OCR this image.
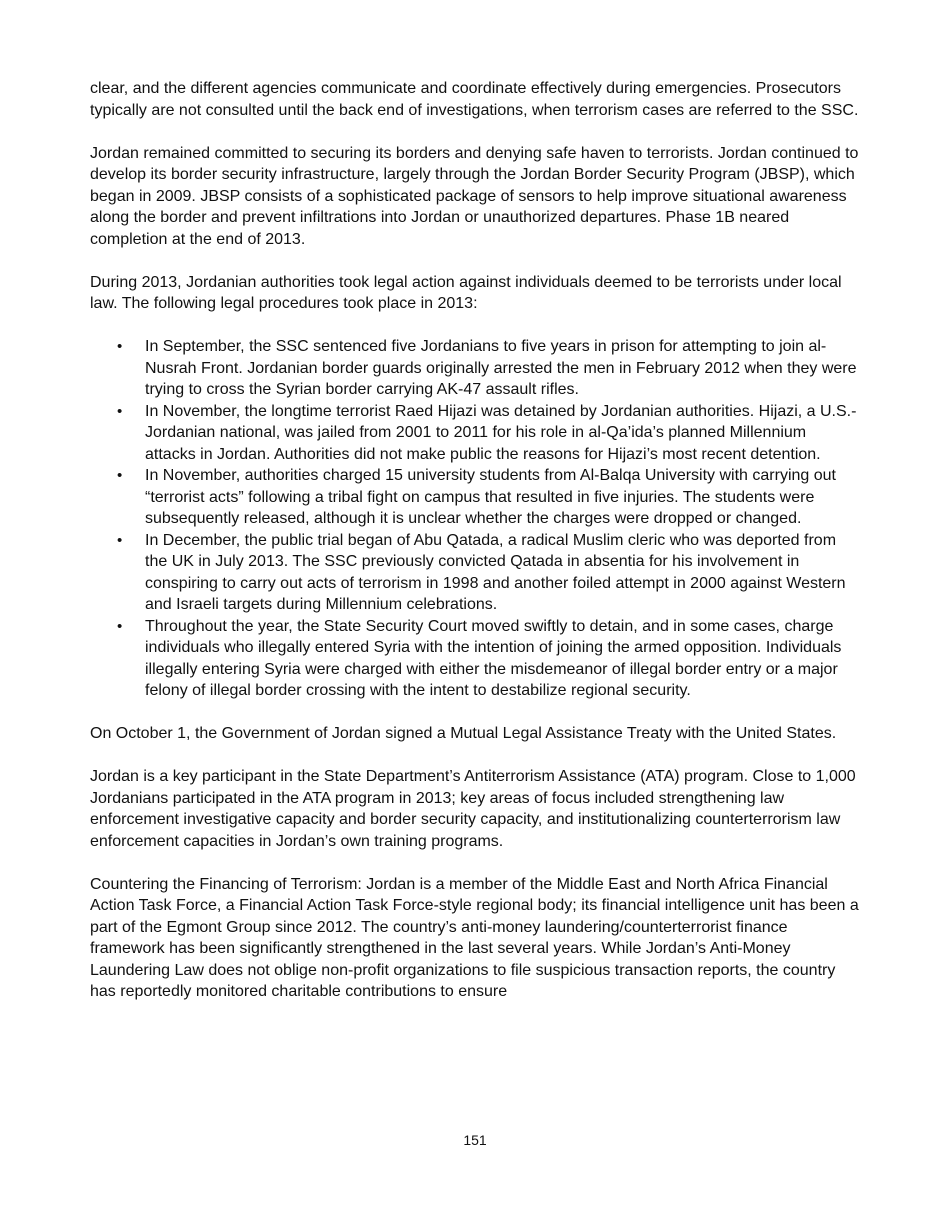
clear, and the different agencies communicate and coordinate effectively during emergencies. Prosecutors typically are not consulted until the back end of investigations, when terrorism cases are referred to the SSC.

Jordan remained committed to securing its borders and denying safe haven to terrorists. Jordan continued to develop its border security infrastructure, largely through the Jordan Border Security Program (JBSP), which began in 2009. JBSP consists of a sophisticated package of sensors to help improve situational awareness along the border and prevent infiltrations into Jordan or unauthorized departures. Phase 1B neared completion at the end of 2013.

During 2013, Jordanian authorities took legal action against individuals deemed to be terrorists under local law. The following legal procedures took place in 2013:

• In September, the SSC sentenced five Jordanians to five years in prison for attempting to join al-Nusrah Front. Jordanian border guards originally arrested the men in February 2012 when they were trying to cross the Syrian border carrying AK-47 assault rifles.
• In November, the longtime terrorist Raed Hijazi was detained by Jordanian authorities. Hijazi, a U.S.-Jordanian national, was jailed from 2001 to 2011 for his role in al-Qa’ida’s planned Millennium attacks in Jordan. Authorities did not make public the reasons for Hijazi’s most recent detention.
• In November, authorities charged 15 university students from Al-Balqa University with carrying out “terrorist acts” following a tribal fight on campus that resulted in five injuries. The students were subsequently released, although it is unclear whether the charges were dropped or changed.
• In December, the public trial began of Abu Qatada, a radical Muslim cleric who was deported from the UK in July 2013. The SSC previously convicted Qatada in absentia for his involvement in conspiring to carry out acts of terrorism in 1998 and another foiled attempt in 2000 against Western and Israeli targets during Millennium celebrations.
• Throughout the year, the State Security Court moved swiftly to detain, and in some cases, charge individuals who illegally entered Syria with the intention of joining the armed opposition. Individuals illegally entering Syria were charged with either the misdemeanor of illegal border entry or a major felony of illegal border crossing with the intent to destabilize regional security.

On October 1, the Government of Jordan signed a Mutual Legal Assistance Treaty with the United States.

Jordan is a key participant in the State Department’s Antiterrorism Assistance (ATA) program. Close to 1,000 Jordanians participated in the ATA program in 2013; key areas of focus included strengthening law enforcement investigative capacity and border security capacity, and institutionalizing counterterrorism law enforcement capacities in Jordan’s own training programs.

Countering the Financing of Terrorism: Jordan is a member of the Middle East and North Africa Financial Action Task Force, a Financial Action Task Force-style regional body; its financial intelligence unit has been a part of the Egmont Group since 2012. The country’s anti-money laundering/counterterrorist finance framework has been significantly strengthened in the last several years. While Jordan’s Anti-Money Laundering Law does not oblige non-profit organizations to file suspicious transaction reports, the country has reportedly monitored charitable contributions to ensure

151
